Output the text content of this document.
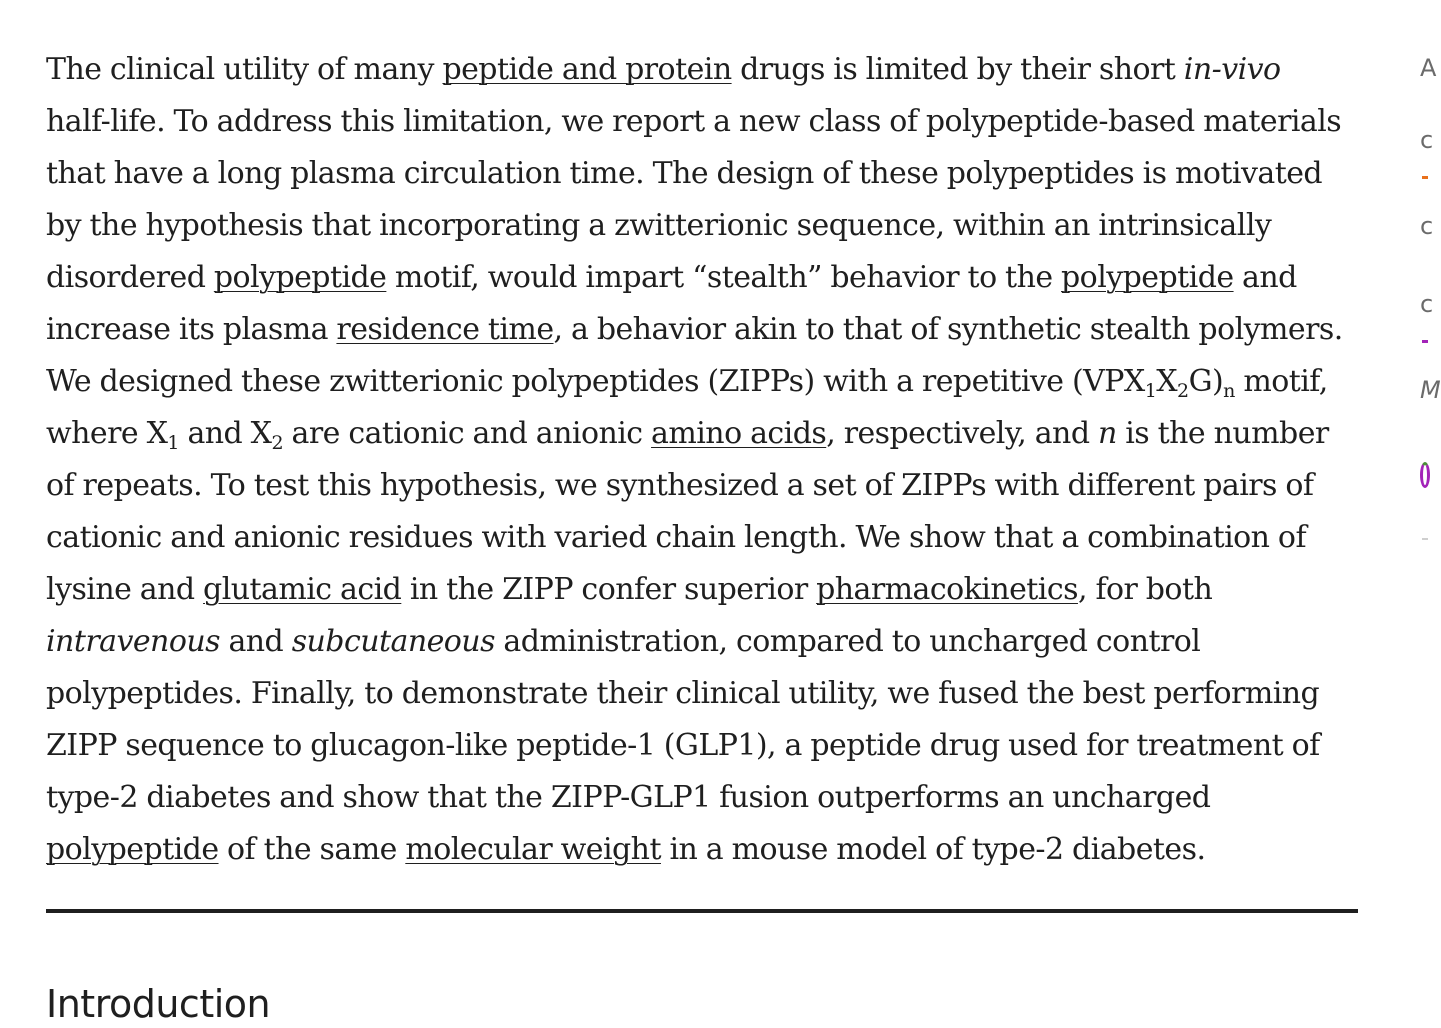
The clinical utility of many peptide and protein drugs is limited by their short in-vivo
half-life. To address this limitation, we report a new class of polypeptide-based materials
that have a long plasma circulation time. The design of these polypeptides is motivated
by the hypothesis that incorporating a zwitterionic sequence, within an intrinsically
disordered polypeptide motif, would impart “stealth” behavior to the polypeptide and
increase its plasma residence time, a behavior akin to that of synthetic stealth polymers.
We designed these zwitterionic polypeptides (ZIPPs) with a repetitive $(VPX_1X_2G)_n$ motif,
where $X_1$ and $X_2$ are cationic and anionic amino acids, respectively, and n is the number
of repeats. To test this hypothesis, we synthesized a set of ZIPPs with different pairs of
cationic and anionic residues with varied chain length. We show that a combination of
lysine and glutamic acid in the ZIPP confer superior pharmacokinetics, for both
intravenous and subcutaneous administration, compared to uncharged control
polypeptides. Finally, to demonstrate their clinical utility, we fused the best performing
ZIPP sequence to glucagon-like peptide-1 (GLP1), a peptide drug used for treatment of
type-2 diabetes and show that the ZIPP-GLP1 fusion outperforms an uncharged
polypeptide of the same molecular weight in a mouse model of type-2 diabetes.
Introduction
A
c
c
c
M
